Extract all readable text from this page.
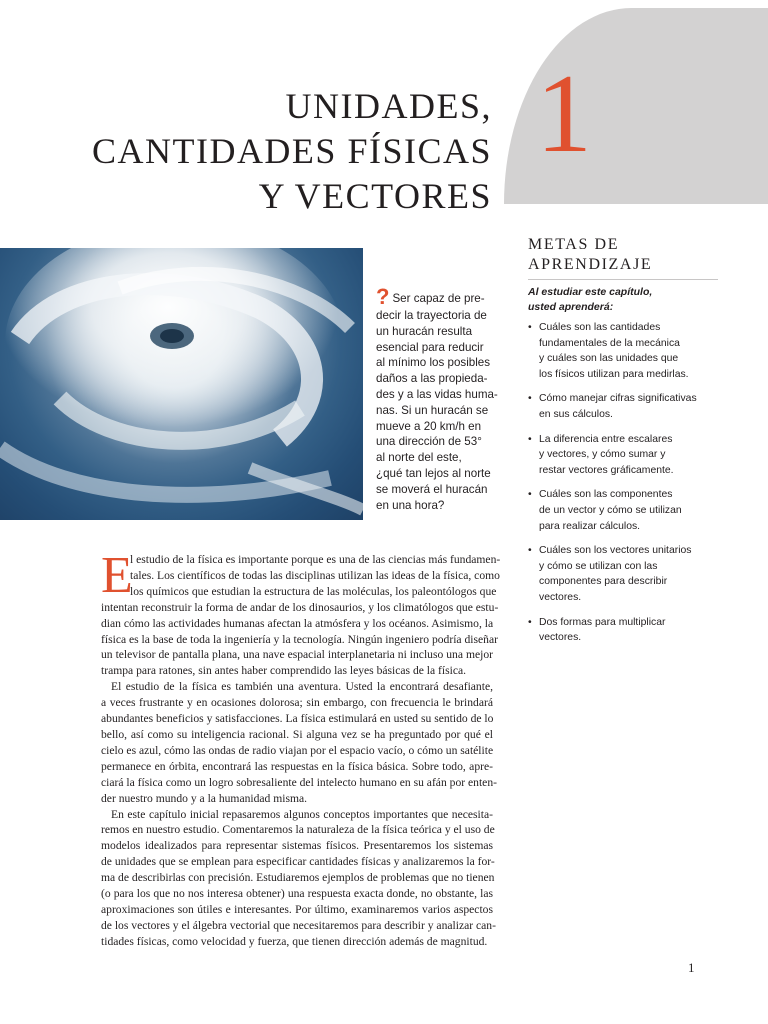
1
UNIDADES,
CANTIDADES FÍSICAS
Y VECTORES
? Ser capaz de pre-
decir la trayectoria de
un huracán resulta
esencial para reducir
al mínimo los posibles
daños a las propieda-
des y a las vidas huma-
nas. Si un huracán se
mueve a 20 km/h en
una dirección de 53°
al norte del este,
¿qué tan lejos al norte
se moverá el huracán
en una hora?
METAS DE
APRENDIZAJE
Al estudiar este capítulo,
usted aprenderá:
• Cuáles son las cantidades
fundamentales de la mecánica
y cuáles son las unidades que
los físicos utilizan para medirlas.
• Cómo manejar cifras significativas
en sus cálculos.
• La diferencia entre escalares
y vectores, y cómo sumar y
restar vectores gráficamente.
• Cuáles son las componentes
de un vector y cómo se utilizan
para realizar cálculos.
• Cuáles son los vectores unitarios
y cómo se utilizan con las
componentes para describir
vectores.
• Dos formas para multiplicar
vectores.
E
l estudio de la física es importante porque es una de las ciencias más fundamen-
tales. Los científicos de todas las disciplinas utilizan las ideas de la física, como
los químicos que estudian la estructura de las moléculas, los paleontólogos que
intentan reconstruir la forma de andar de los dinosaurios, y los climatólogos que estu-
dian cómo las actividades humanas afectan la atmósfera y los océanos. Asimismo, la
física es la base de toda la ingeniería y la tecnología. Ningún ingeniero podría diseñar
un televisor de pantalla plana, una nave espacial interplanetaria ni incluso una mejor
trampa para ratones, sin antes haber comprendido las leyes básicas de la física.
El estudio de la física es también una aventura. Usted la encontrará desafiante,
a veces frustrante y en ocasiones dolorosa; sin embargo, con frecuencia le brindará
abundantes beneficios y satisfacciones. La física estimulará en usted su sentido de lo
bello, así como su inteligencia racional. Si alguna vez se ha preguntado por qué el
cielo es azul, cómo las ondas de radio viajan por el espacio vacío, o cómo un satélite
permanece en órbita, encontrará las respuestas en la física básica. Sobre todo, apre-
ciará la física como un logro sobresaliente del intelecto humano en su afán por enten-
der nuestro mundo y a la humanidad misma.
En este capítulo inicial repasaremos algunos conceptos importantes que necesita-
remos en nuestro estudio. Comentaremos la naturaleza de la física teórica y el uso de
modelos idealizados para representar sistemas físicos. Presentaremos los sistemas
de unidades que se emplean para especificar cantidades físicas y analizaremos la for-
ma de describirlas con precisión. Estudiaremos ejemplos de problemas que no tienen
(o para los que no nos interesa obtener) una respuesta exacta donde, no obstante, las
aproximaciones son útiles e interesantes. Por último, examinaremos varios aspectos
de los vectores y el álgebra vectorial que necesitaremos para describir y analizar can-
tidades físicas, como velocidad y fuerza, que tienen dirección además de magnitud.
1
